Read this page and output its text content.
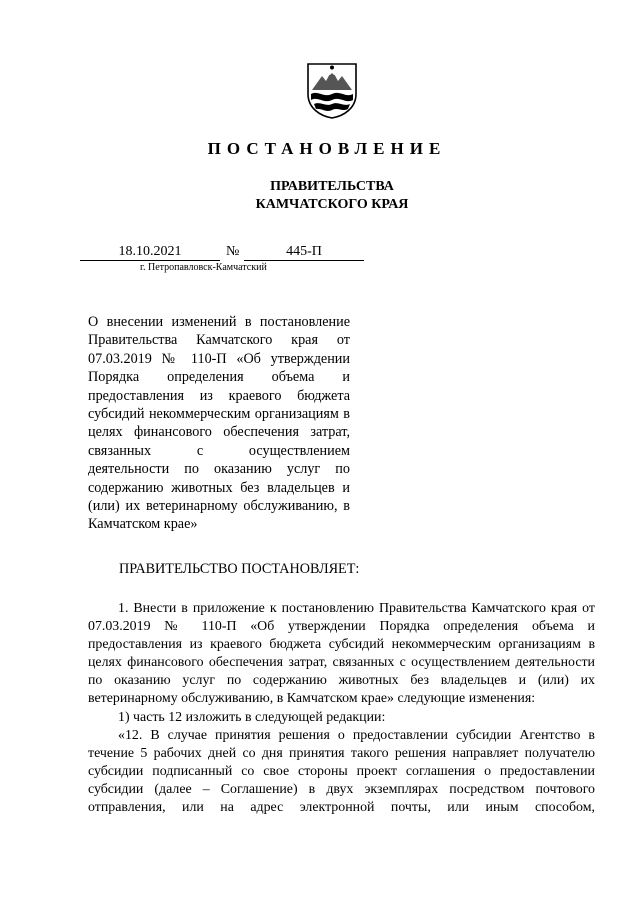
ПОСТАНОВЛЕНИЕ
ПРАВИТЕЛЬСТВА
КАМЧАТСКОГО КРАЯ
18.10.2021	№	445-П
г. Петропавловск-Камчатский
О внесении изменений в постановление Правительства Камчатского края от 07.03.2019 № 110-П «Об утверждении Порядка определения объема и предоставления из краевого бюджета субсидий некоммерческим организациям в целях финансового обеспечения затрат, связанных с осуществлением деятельности по оказанию услуг по содержанию животных без владельцев и (или) их ветеринарному обслуживанию, в Камчатском крае»
ПРАВИТЕЛЬСТВО ПОСТАНОВЛЯЕТ:

1. Внести в приложение к постановлению Правительства Камчатского края от 07.03.2019 № 110-П «Об утверждении Порядка определения объема и предоставления из краевого бюджета субсидий некоммерческим организациям в целях финансового обеспечения затрат, связанных с осуществлением деятельности по оказанию услуг по содержанию животных без владельцев и (или) их ветеринарному обслуживанию, в Камчатском крае» следующие изменения:

1) часть 12 изложить в следующей редакции:

«12. В случае принятия решения о предоставлении субсидии Агентство в течение 5 рабочих дней со дня принятия такого решения направляет получателю субсидии подписанный со свое стороны проект соглашения о предоставлении субсидии (далее – Соглашение) в двух экземплярах посредством почтового отправления, или на адрес электронной почты, или иным способом,
